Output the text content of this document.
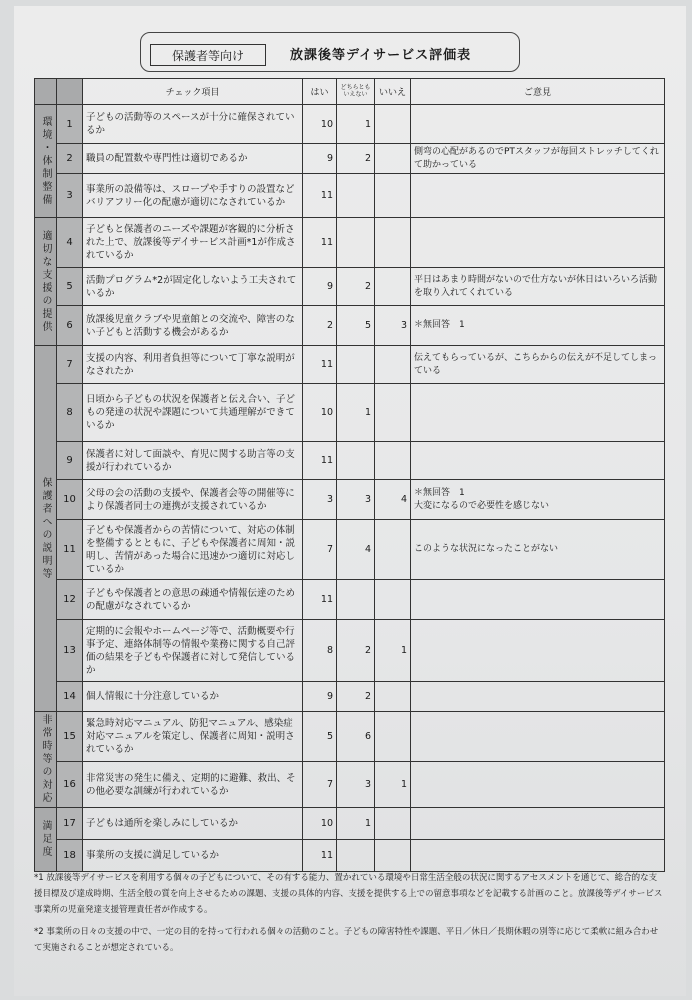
保護者等向け	放課後等デイサービス評価表
		チェック項目	はい	どちらともいえない	いいえ	ご意見
環境・体制整備	1	子どもの活動等のスペースが十分に確保されているか	10	1		
	2	職員の配置数や専門性は適切であるか	9	2		側弯の心配があるのでPTスタッフが毎回ストレッチしてくれて助かっている
	3	事業所の設備等は、スロープや手すりの設置などバリアフリー化の配慮が適切になされているか	11			
適切な支援の提供	4	子どもと保護者のニーズや課題が客観的に分析された上で、放課後等デイサービス計画*1が作成されているか	11			
	5	活動プログラム*2が固定化しないよう工夫されているか	9	2		平日はあまり時間がないので仕方ないが休日はいろいろ活動を取り入れてくれている
	6	放課後児童クラブや児童館との交流や、障害のない子どもと活動する機会があるか	2	5	3	＊無回答　1
保護者への説明等	7	支援の内容、利用者負担等について丁寧な説明がなされたか	11			伝えてもらっているが、こちらからの伝えが不足してしまっている
	8	日頃から子どもの状況を保護者と伝え合い、子どもの発達の状況や課題について共通理解ができているか	10	1		
	9	保護者に対して面談や、育児に関する助言等の支援が行われているか	11			
	10	父母の会の活動の支援や、保護者会等の開催等により保護者同士の連携が支援されているか	3	3	4	＊無回答　1
大変になるので必要性を感じない
	11	子どもや保護者からの苦情について、対応の体制を整備するとともに、子どもや保護者に周知・説明し、苦情があった場合に迅速かつ適切に対応しているか	7	4		このような状況になったことがない
	12	子どもや保護者との意思の疎通や情報伝達のための配慮がなされているか	11			
	13	定期的に会報やホームページ等で、活動概要や行事予定、連絡体制等の情報や業務に関する自己評価の結果を子どもや保護者に対して発信しているか	8	2	1	
	14	個人情報に十分注意しているか	9	2		
非常時等の対応	15	緊急時対応マニュアル、防犯マニュアル、感染症対応マニュアルを策定し、保護者に周知・説明されているか	5	6		
	16	非常災害の発生に備え、定期的に避難、救出、その他必要な訓練が行われているか	7	3	1	
満足度	17	子どもは通所を楽しみにしているか	10	1		
	18	事業所の支援に満足しているか	11			

*1 放課後等デイサービスを利用する個々の子どもについて、その有する能力、置かれている環境や日常生活全般の状況に関するアセスメントを通じて、総合的な支援目標及び達成時期、生活全般の質を向上させるための課題、支援の具体的内容、支援を提供する上での留意事項などを記載する計画のこと。放課後等デイサービス事業所の児童発達支援管理責任者が作成する。

*2 事業所の日々の支援の中で、一定の目的を持って行われる個々の活動のこと。子どもの障害特性や課題、平日／休日／長期休暇の別等に応じて柔軟に組み合わせて実施されることが想定されている。
